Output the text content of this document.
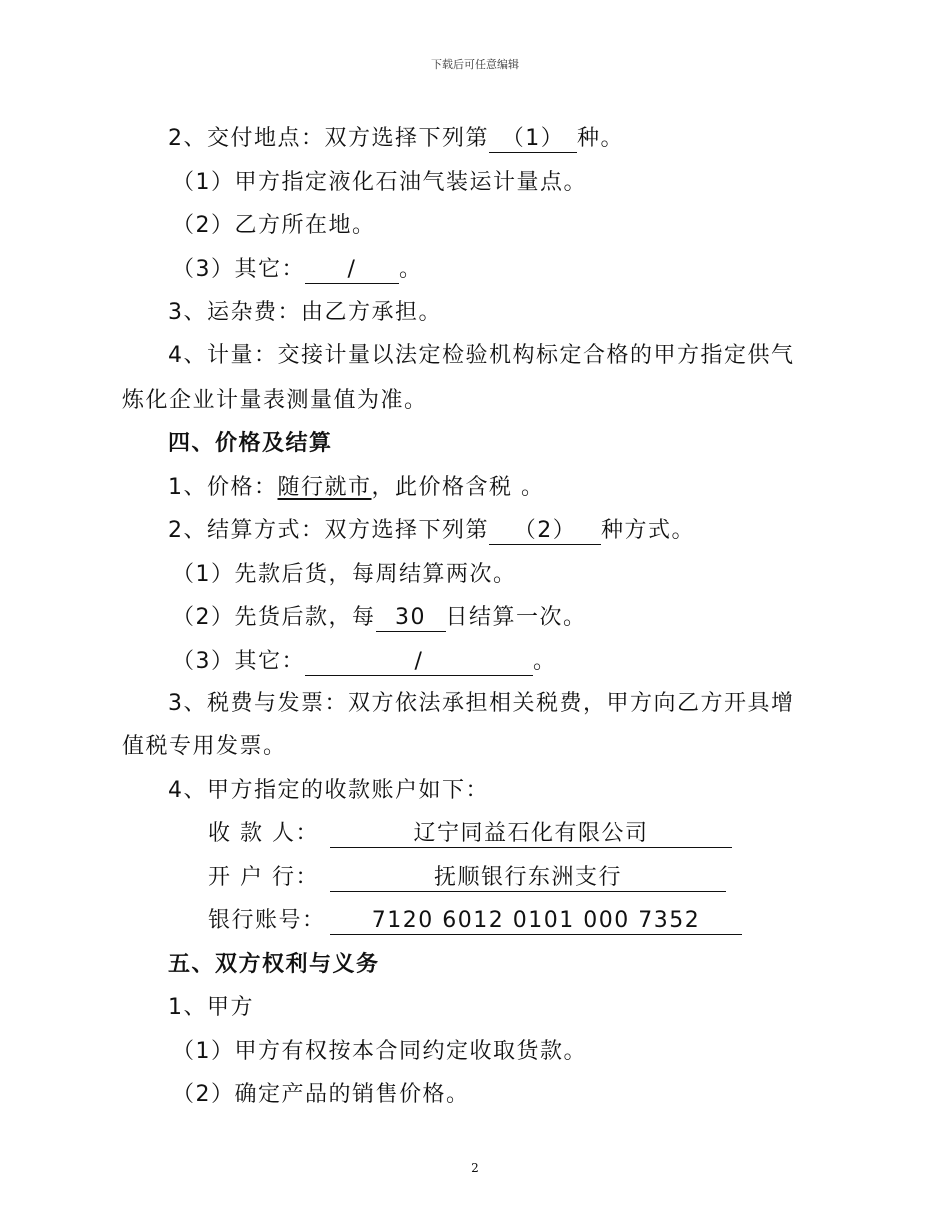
下载后可任意编辑
2、交付地点：双方选择下列第 （1） 种。
（1）甲方指定液化石油气装运计量点。
（2）乙方所在地。
（3）其它： / 。
3、运杂费：由乙方承担。
4、计量：交接计量以法定检验机构标定合格的甲方指定供气
炼化企业计量表测量值为准。
四、价格及结算
1、价格：随行就市，此价格含税 。
2、结算方式：双方选择下列第 （2） 种方式。
（1）先款后货，每周结算两次。
（2）先货后款，每 30 日结算一次。
（3）其它：	/	。
3、税费与发票：双方依法承担相关税费，甲方向乙方开具增
值税专用发票。
4、甲方指定的收款账户如下：
收 款 人：	辽宁同益石化有限公司
开 户 行：	抚顺银行东洲支行
银行账号： 7120 6012 0101 000 7352
五、双方权利与义务
1、甲方
（1）甲方有权按本合同约定收取货款。
（2）确定产品的销售价格。
2
